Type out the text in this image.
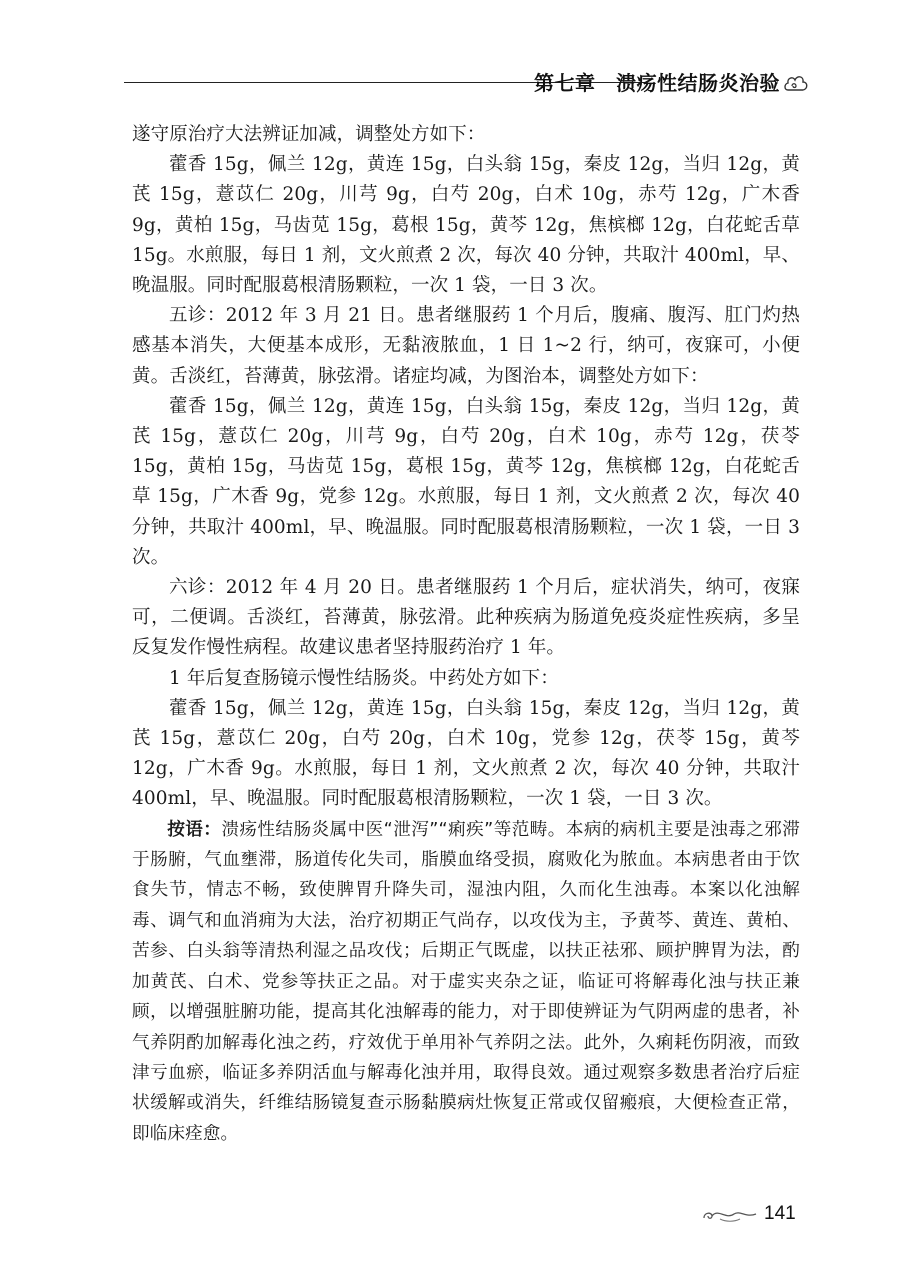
第七章　溃疡性结肠炎治验

遂守原治疗大法辨证加减，调整处方如下：

藿香 15g，佩兰 12g，黄连 15g，白头翁 15g，秦皮 12g，当归 12g，黄芪 15g，薏苡仁 20g，川芎 9g，白芍 20g，白术 10g，赤芍 12g，广木香 9g，黄柏 15g，马齿苋 15g，葛根 15g，黄芩 12g，焦槟榔 12g，白花蛇舌草 15g。水煎服，每日 1 剂，文火煎煮 2 次，每次 40 分钟，共取汁 400ml，早、晚温服。同时配服葛根清肠颗粒，一次 1 袋，一日 3 次。

五诊：2012 年 3 月 21 日。患者继服药 1 个月后，腹痛、腹泻、肛门灼热感基本消失，大便基本成形，无黏液脓血，1 日 1~2 行，纳可，夜寐可，小便黄。舌淡红，苔薄黄，脉弦滑。诸症均减，为图治本，调整处方如下：

藿香 15g，佩兰 12g，黄连 15g，白头翁 15g，秦皮 12g，当归 12g，黄芪 15g，薏苡仁 20g，川芎 9g，白芍 20g，白术 10g，赤芍 12g，茯苓 15g，黄柏 15g，马齿苋 15g，葛根 15g，黄芩 12g，焦槟榔 12g，白花蛇舌草 15g，广木香 9g，党参 12g。水煎服，每日 1 剂，文火煎煮 2 次，每次 40 分钟，共取汁 400ml，早、晚温服。同时配服葛根清肠颗粒，一次 1 袋，一日 3 次。

六诊：2012 年 4 月 20 日。患者继服药 1 个月后，症状消失，纳可，夜寐可，二便调。舌淡红，苔薄黄，脉弦滑。此种疾病为肠道免疫炎症性疾病，多呈反复发作慢性病程。故建议患者坚持服药治疗 1 年。

1 年后复查肠镜示慢性结肠炎。中药处方如下：

藿香 15g，佩兰 12g，黄连 15g，白头翁 15g，秦皮 12g，当归 12g，黄芪 15g，薏苡仁 20g，白芍 20g，白术 10g，党参 12g，茯苓 15g，黄芩 12g，广木香 9g。水煎服，每日 1 剂，文火煎煮 2 次，每次 40 分钟，共取汁 400ml，早、晚温服。同时配服葛根清肠颗粒，一次 1 袋，一日 3 次。

按语：溃疡性结肠炎属中医“泄泻”“痢疾”等范畴。本病的病机主要是浊毒之邪滞于肠腑，气血壅滞，肠道传化失司，脂膜血络受损，腐败化为脓血。本病患者由于饮食失节，情志不畅，致使脾胃升降失司，湿浊内阻，久而化生浊毒。本案以化浊解毒、调气和血消痈为大法，治疗初期正气尚存，以攻伐为主，予黄芩、黄连、黄柏、苦参、白头翁等清热利湿之品攻伐；后期正气既虚，以扶正祛邪、顾护脾胃为法，酌加黄芪、白术、党参等扶正之品。对于虚实夹杂之证，临证可将解毒化浊与扶正兼顾，以增强脏腑功能，提高其化浊解毒的能力，对于即使辨证为气阴两虚的患者，补气养阴酌加解毒化浊之药，疗效优于单用补气养阴之法。此外，久痢耗伤阴液，而致津亏血瘀，临证多养阴活血与解毒化浊并用，取得良效。通过观察多数患者治疗后症状缓解或消失，纤维结肠镜复查示肠黏膜病灶恢复正常或仅留瘢痕，大便检查正常，即临床痊愈。

141
